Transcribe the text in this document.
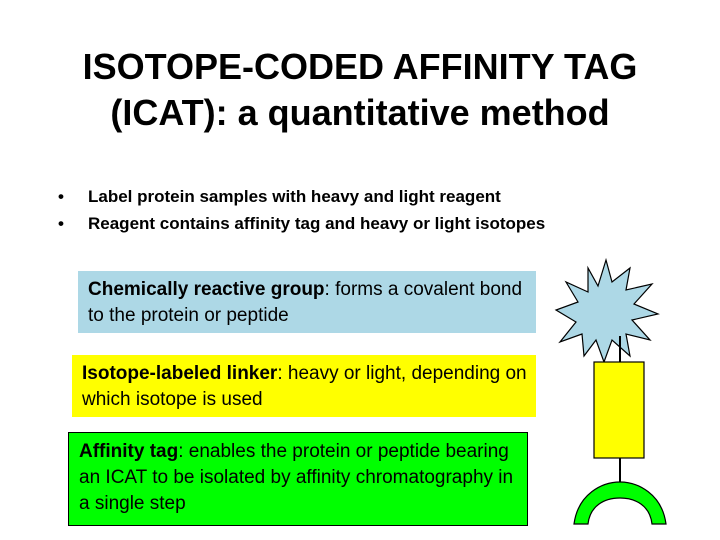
ISOTOPE-CODED AFFINITY TAG
(ICAT): a quantitative method
• Label protein samples with heavy and light reagent
• Reagent contains affinity tag and heavy or light isotopes
Chemically reactive group: forms a covalent bond to the protein or peptide
Isotope-labeled linker: heavy or light, depending on which isotope is used
Affinity tag: enables the protein or peptide bearing an ICAT to be isolated by affinity chromatography in a single step
